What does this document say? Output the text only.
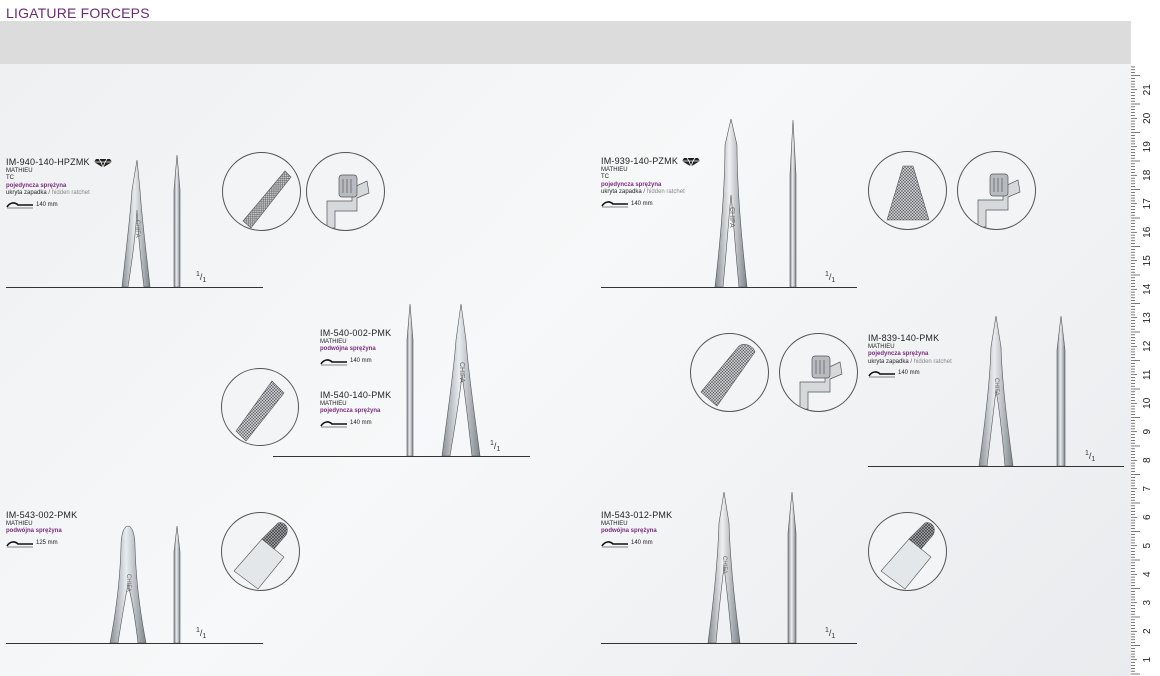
LIGATURE FORCEPS
1
2
3
4
5
6
7
8
9
10
11
12
13
14
15
16
17
18
19
20
21
IM-940-140-HPZMK
MATHIEU
TC
pojedyncza sprężyna
ukryta zapadka / hidden ratchet
140 mm
CHIFA
$^1/_1$
IM-939-140-PZMK
MATHIEU
TC
pojedyncza sprężyna
ukryta zapadka / hidden ratchet
140 mm
CHIFA
$^1/_1$
IM-540-002-PMK
MATHIEU
podwójna sprężyna
140 mm
IM-540-140-PMK
MATHIEU
pojedyncza sprężyna
140 mm
CHIFA
$^1/_1$
IM-839-140-PMK
MATHIEU
pojedyncza sprężyna
ukryta zapadka / hidden ratchet
140 mm
CHIFA
$^1/_1$
IM-543-002-PMK
MATHIEU
podwójna sprężyna
125 mm
CHIFA
$^1/_1$
IM-543-012-PMK
MATHIEU
podwójna sprężyna
140 mm
CHIFA
$^1/_1$
